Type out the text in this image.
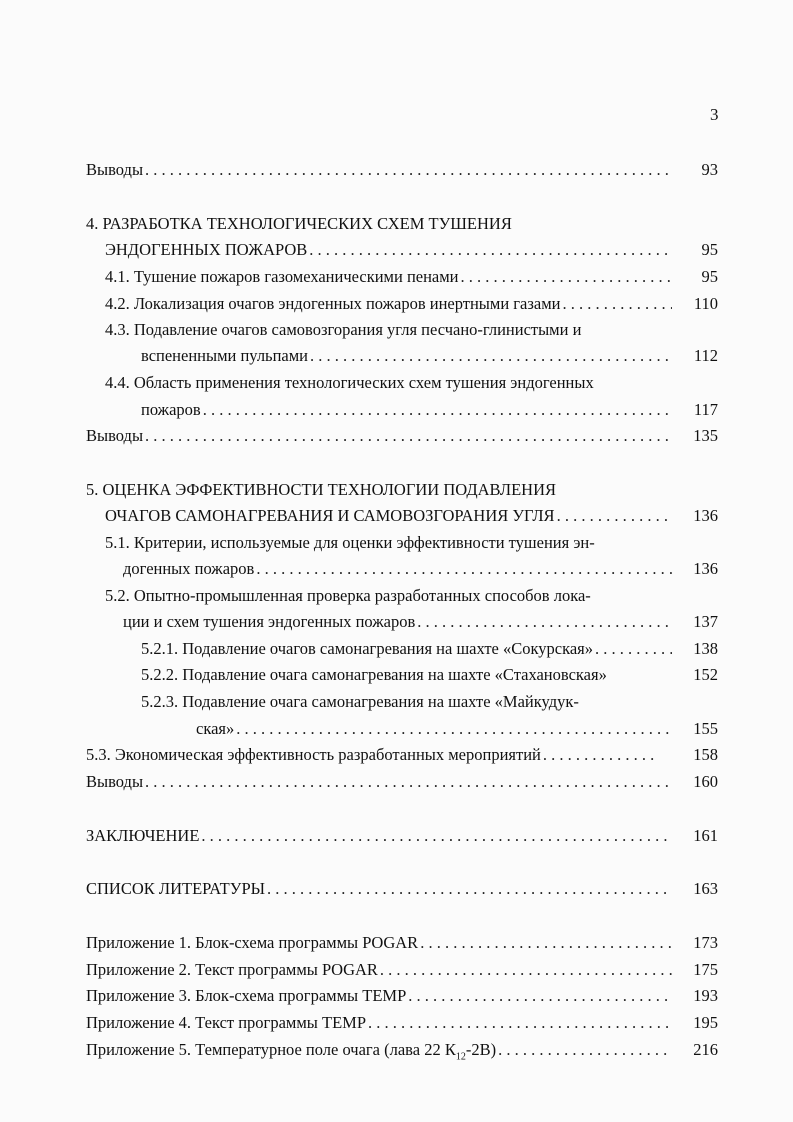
3
Выводы . . .	93
4. РАЗРАБОТКА ТЕХНОЛОГИЧЕСКИХ СХЕМ ТУШЕНИЯ
ЭНДОГЕННЫХ ПОЖАРОВ . . .	95
4.1. Тушение пожаров газомеханическими пенами . . .	95
4.2. Локализация очагов эндогенных пожаров инертными газами . . .	110
4.3. Подавление очагов самовозгорания угля песчано-глинистыми и
вспененными пульпами . . .	112
4.4. Область применения технологических схем тушения эндогенных
пожаров . . .	117
Выводы . . .	135
5. ОЦЕНКА ЭФФЕКТИВНОСТИ ТЕХНОЛОГИИ ПОДАВЛЕНИЯ
ОЧАГОВ САМОНАГРЕВАНИЯ И САМОВОЗГОРАНИЯ УГЛЯ . . .	136
5.1. Критерии, используемые для оценки эффективности тушения эн-
догенных пожаров . . .	136
5.2. Опытно-промышленная проверка разработанных способов лока-
ции и схем тушения эндогенных пожаров . . .	137
5.2.1. Подавление очагов самонагревания на шахте «Сокурская» . . .	138
5.2.2. Подавление очага самонагревания на шахте «Стахановская»	152
5.2.3. Подавление очага самонагревания на шахте «Майкудук-
ская» . . .	155
5.3. Экономическая эффективность разработанных мероприятий . . .	158
Выводы . . .	160
ЗАКЛЮЧЕНИЕ . . .	161
СПИСОК ЛИТЕРАТУРЫ . . .	163
Приложение 1. Блок-схема программы POGAR . . .	173
Приложение 2. Текст программы POGAR . . .	175
Приложение 3. Блок-схема программы TEMP . . .	193
Приложение 4. Текст программы TEMP . . .	195
Приложение 5. Температурное поле очага (лава 22 $К_{12}-2В$) . . .	216
